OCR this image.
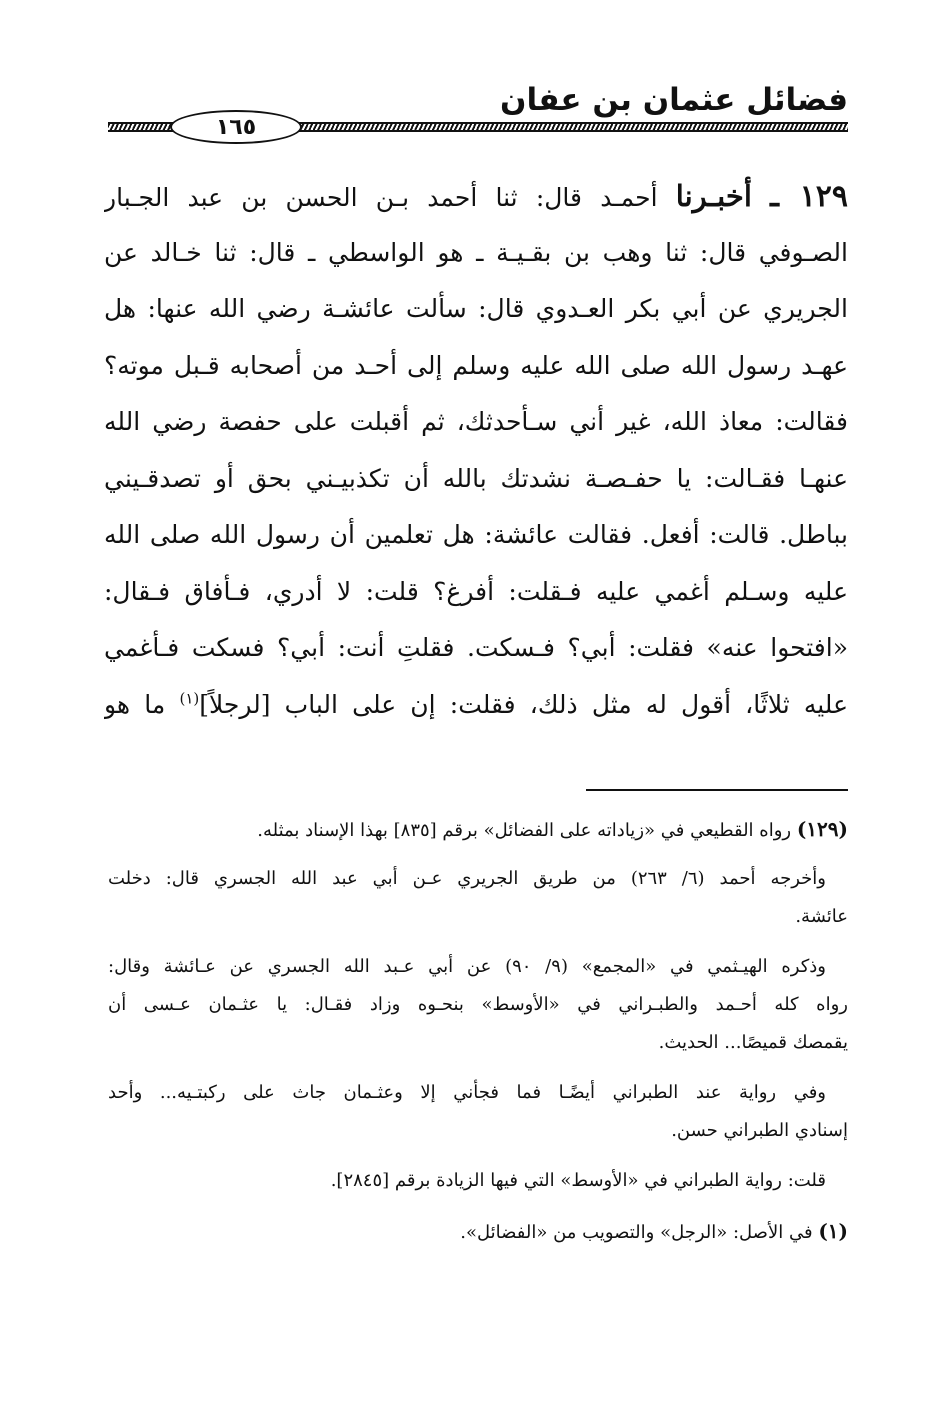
فضائل عثمان بن عفان
١٦٥
١٢٩ ـ أخبـرنا أحمـد قال: ثنا أحمد بـن الحسن بن عبد الجـبار
الصـوفي قال: ثنا وهب بن بقـيـة ـ هو الواسطي ـ قال: ثنا خـالد عن
الجريري عن أبي بكر العـدوي قال: سألت عائشـة رضي الله عنها: هل
عهـد رسول الله صلى الله عليه وسلم إلى أحـد من أصحابه قـبل موته؟
فقالت: معاذ الله، غير أني سـأحدثك، ثم أقبلت على حفصة رضي الله
عنهـا فقـالت: يا حفـصـة نشدتك بالله أن تكذبيـني بحق أو تصدقـيني
بباطل. قالت: أفعل. فقالت عائشة: هل تعلمين أن رسول الله صلى الله
عليه وسـلم أغمي عليه فـقلت: أفرغ؟ قلت: لا أدري، فـأفاق فـقال:
«افتحوا عنه» فقلت: أبي؟ فـسكت. فقلتِ أنت: أبي؟ فسكت فـأغمي
عليه ثلاثًا، أقول له مثل ذلك، فقلت: إن على الباب [لرجلاً]$^{(١)}$ ما هو
(١٢٩) رواه القطيعي في «زياداته على الفضائل» برقم [٨٣٥] بهذا الإسناد بمثله.
وأخرجه أحمد (٦/ ٢٦٣) من طريق الجريري عـن أبي عبد الله الجسري قال: دخلت
عائشة.
وذكره الهيـثمي في «المجمع» (٩/ ٩٠) عن أبي عـبد الله الجسري عن عـائشة وقال:
رواه كله أحـمد والطبـراني في «الأوسط» بنحـوه وزاد فقـال: يا عثـمان عـسى أن
يقمصك قميصًا... الحديث.
وفي رواية عند الطبراني أيضًـا فما فجأني إلا وعثـمان جاث على ركبتـيه... وأحد
إسنادي الطبراني حسن.
قلت: رواية الطبراني في «الأوسط» التي فيها الزيادة برقم [٢٨٤٥].
(١) في الأصل: «الرجل» والتصويب من «الفضائل».
